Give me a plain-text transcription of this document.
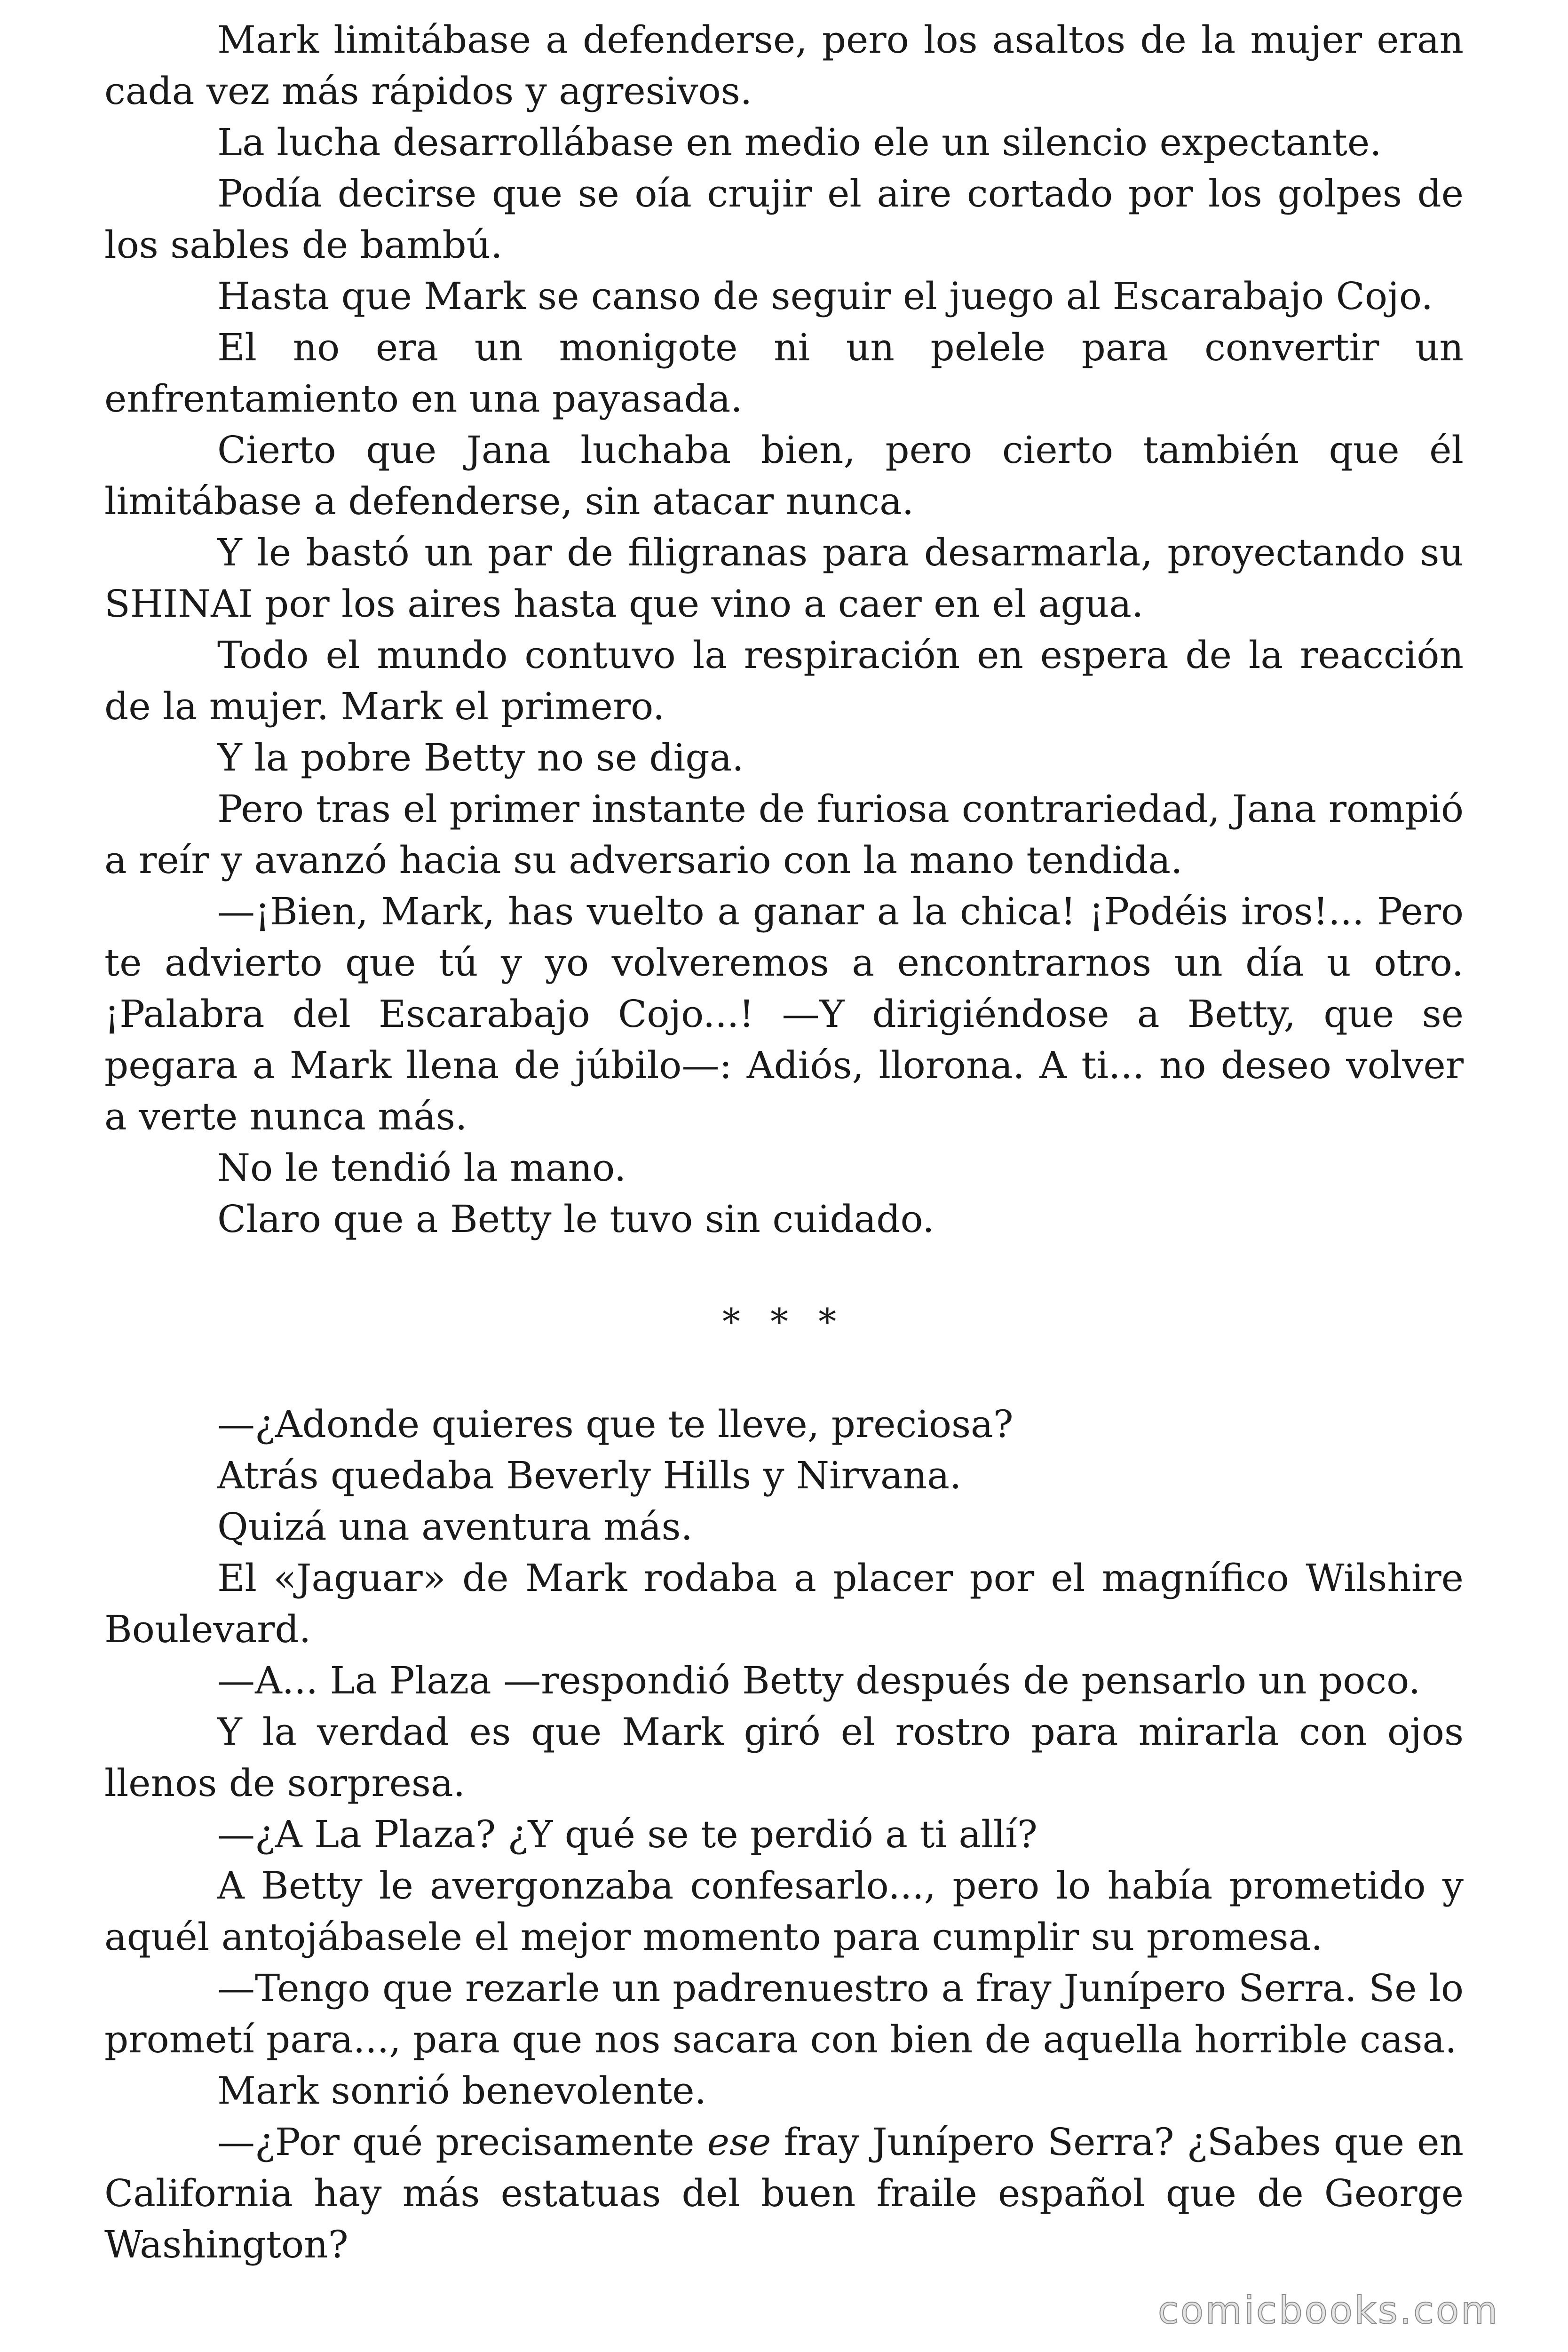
Mark limitábase a defenderse, pero los asaltos de la mujer eran cada vez más rápidos y agresivos.

La lucha desarrollábase en medio ele un silencio expectante.

Podía decirse que se oía crujir el aire cortado por los golpes de los sables de bambú.

Hasta que Mark se canso de seguir el juego al Escarabajo Cojo.

El no era un monigote ni un pelele para convertir un enfrentamiento en una payasada.

Cierto que Jana luchaba bien, pero cierto también que él limitábase a defenderse, sin atacar nunca.

Y le bastó un par de filigranas para desarmarla, proyectando su SHINAI por los aires hasta que vino a caer en el agua.

Todo el mundo contuvo la respiración en espera de la reacción de la mujer. Mark el primero.

Y la pobre Betty no se diga.

Pero tras el primer instante de furiosa contrariedad, Jana rompió a reír y avanzó hacia su adversario con la mano tendida.

—¡Bien, Mark, has vuelto a ganar a la chica! ¡Podéis iros!... Pero te advierto que tú y yo volveremos a encontrarnos un día u otro. ¡Palabra del Escarabajo Cojo...! —Y dirigiéndose a Betty, que se pegara a Mark llena de júbilo—: Adiós, llorona. A ti... no deseo volver a verte nunca más.

No le tendió la mano.

Claro que a Betty le tuvo sin cuidado.

* * *

—¿Adonde quieres que te lleve, preciosa?

Atrás quedaba Beverly Hills y Nirvana.

Quizá una aventura más.

El «Jaguar» de Mark rodaba a placer por el magnífico Wilshire Boulevard.

—A... La Plaza —respondió Betty después de pensarlo un poco.

Y la verdad es que Mark giró el rostro para mirarla con ojos llenos de sorpresa.

—¿A La Plaza? ¿Y qué se te perdió a ti allí?

A Betty le avergonzaba confesarlo..., pero lo había prometido y aquél antojábasele el mejor momento para cumplir su promesa.

—Tengo que rezarle un padrenuestro a fray Junípero Serra. Se lo prometí para..., para que nos sacara con bien de aquella horrible casa.

Mark sonrió benevolente.

—¿Por qué precisamente ese fray Junípero Serra? ¿Sabes que en California hay más estatuas del buen fraile español que de George Washington?

comicbooks.com
